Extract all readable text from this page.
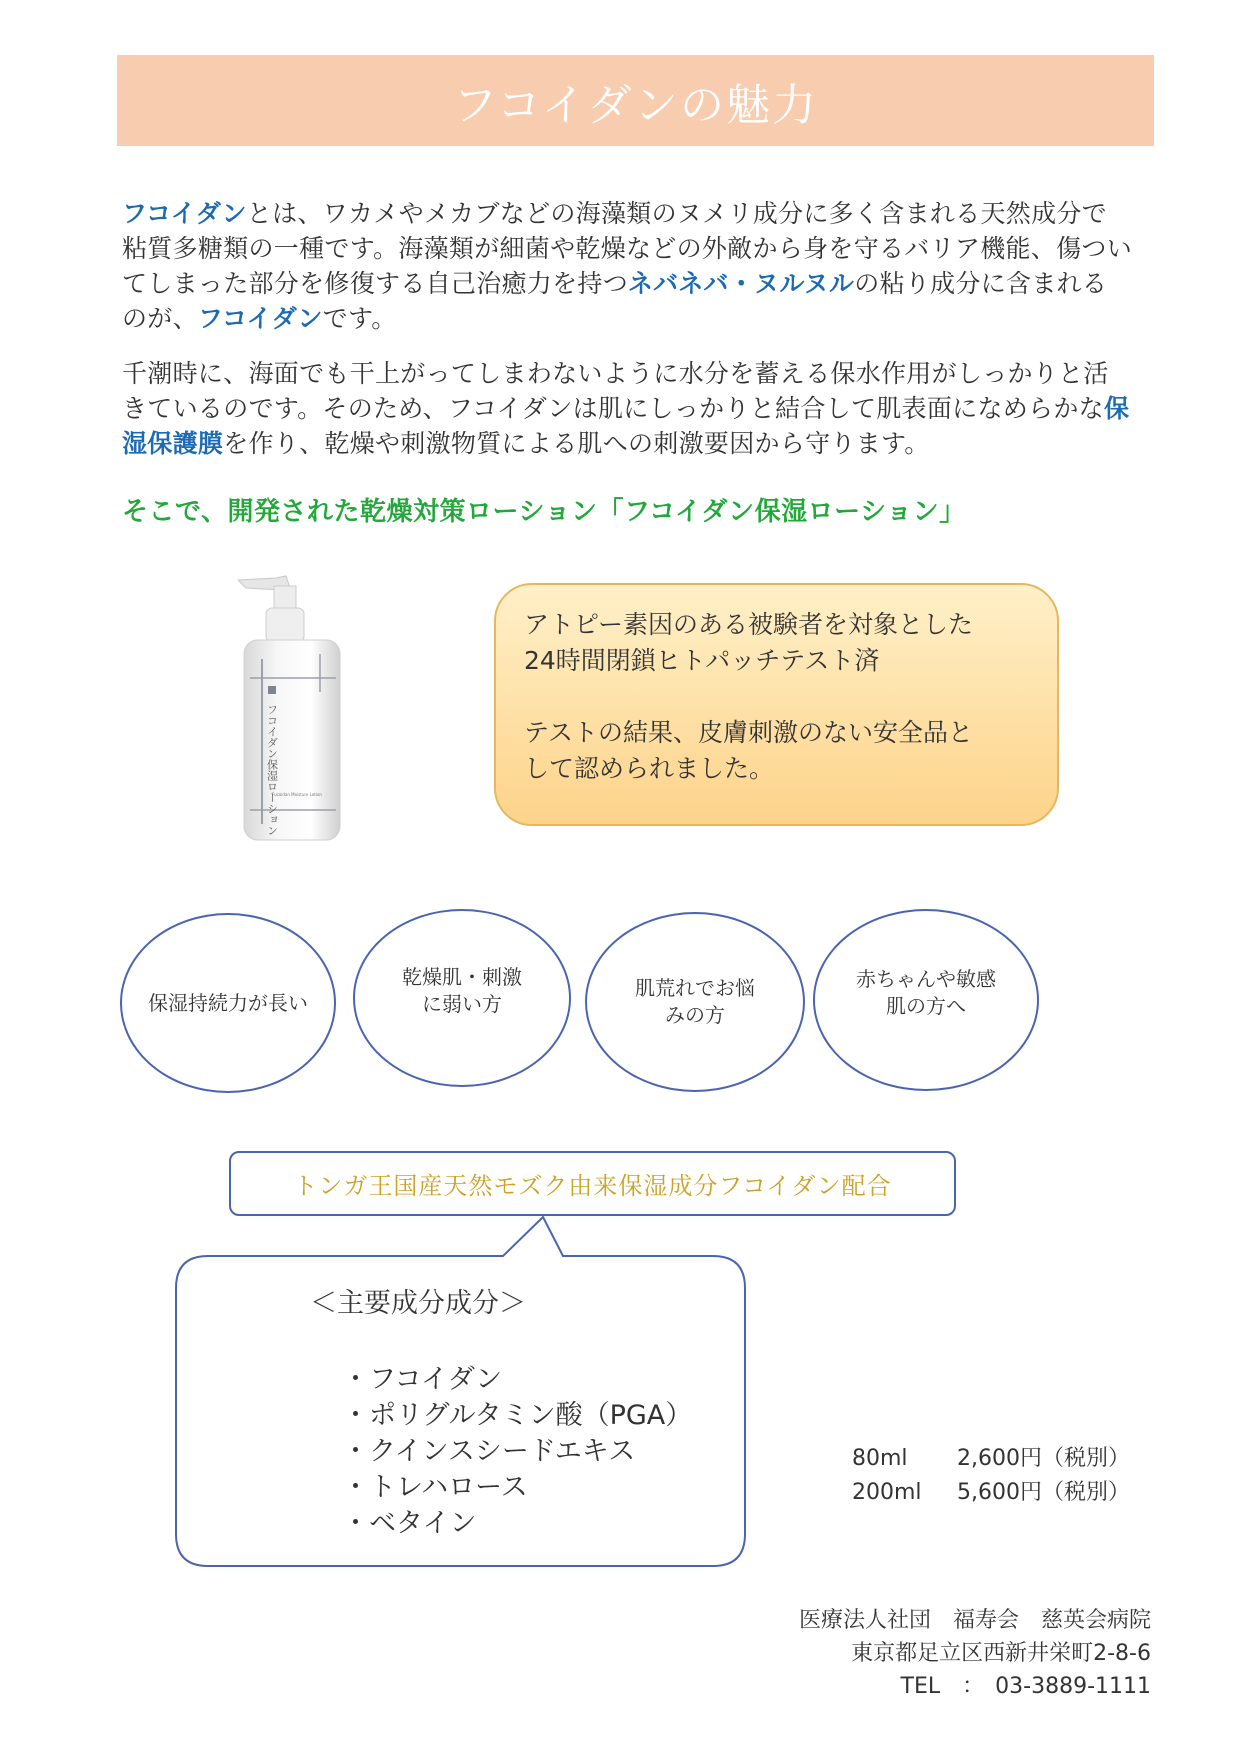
フコイダンの魅力
フコイダンとは、ワカメやメカブなどの海藻類のヌメリ成分に多く含まれる天然成分で粘質多糖類の一種です。海藻類が細菌や乾燥などの外敵から身を守るバリア機能、傷ついてしまった部分を修復する自己治癒力を持つネバネバ・ヌルヌルの粘り成分に含まれるのが、フコイダンです。
千潮時に、海面でも干上がってしまわないように水分を蓄える保水作用がしっかりと活きているのです。そのため、フコイダンは肌にしっかりと結合して肌表面になめらかな保湿保護膜を作り、乾燥や刺激物質による肌への刺激要因から守ります。
そこで、開発された乾燥対策ローション「フコイダン保湿ローション」
フコイダン保湿ローション
Fucoidan Moisture Lotion

アトピー素因のある被験者を対象とした

24時間閉鎖ヒトパッチテスト済

テストの結果、皮膚刺激のない安全品と

して認められました。

保湿持続力が長い
乾燥肌・刺激
に弱い方
肌荒れでお悩
みの方
赤ちゃんや敏感
肌の方へ
トンガ王国産天然モズク由来保湿成分フコイダン配合
＜主要成分成分＞
・ フコイダン
・ ポリグルタミン酸（PGA）
・ クインスシードエキス
・ トレハロース
・ ベタイン
80ml 2,600円（税別）
200ml 5,600円（税別）
医療法人社団　福寿会　慈英会病院
東京都足立区西新井栄町2-8-6
TEL　：　03-3889-1111
